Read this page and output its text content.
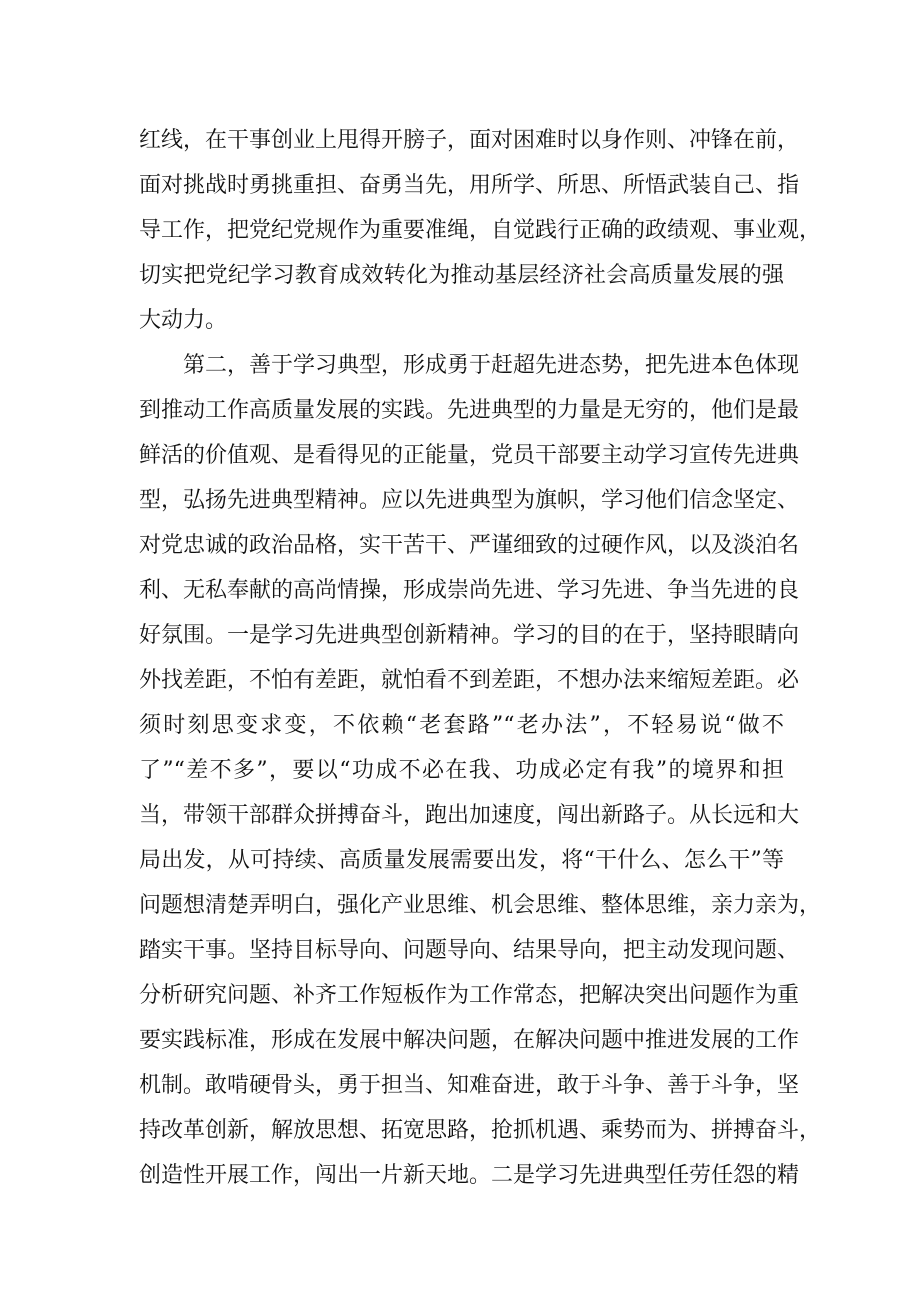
红线，在干事创业上甩得开膀子，面对困难时以身作则、冲锋在前，

面对挑战时勇挑重担、奋勇当先，用所学、所思、所悟武装自己、指

导工作，把党纪党规作为重要准绳，自觉践行正确的政绩观、事业观，

切实把党纪学习教育成效转化为推动基层经济社会高质量发展的强

大动力。

第二，善于学习典型，形成勇于赶超先进态势，把先进本色体现

到推动工作高质量发展的实践。先进典型的力量是无穷的，他们是最

鲜活的价值观、是看得见的正能量，党员干部要主动学习宣传先进典

型，弘扬先进典型精神。应以先进典型为旗帜，学习他们信念坚定、

对党忠诚的政治品格，实干苦干、严谨细致的过硬作风，以及淡泊名

利、无私奉献的高尚情操，形成崇尚先进、学习先进、争当先进的良

好氛围。一是学习先进典型创新精神。学习的目的在于，坚持眼睛向

外找差距，不怕有差距，就怕看不到差距，不想办法来缩短差距。必

须时刻思变求变，不依赖“老套路”“老办法”，不轻易说“做不

了”“差不多”，要以“功成不必在我、功成必定有我”的境界和担

当，带领干部群众拼搏奋斗，跑出加速度，闯出新路子。从长远和大

局出发，从可持续、高质量发展需要出发，将“干什么、怎么干”等

问题想清楚弄明白，强化产业思维、机会思维、整体思维，亲力亲为，

踏实干事。坚持目标导向、问题导向、结果导向，把主动发现问题、

分析研究问题、补齐工作短板作为工作常态，把解决突出问题作为重

要实践标准，形成在发展中解决问题，在解决问题中推进发展的工作

机制。敢啃硬骨头，勇于担当、知难奋进，敢于斗争、善于斗争，坚

持改革创新，解放思想、拓宽思路，抢抓机遇、乘势而为、拼搏奋斗，

创造性开展工作，闯出一片新天地。二是学习先进典型任劳任怨的精
